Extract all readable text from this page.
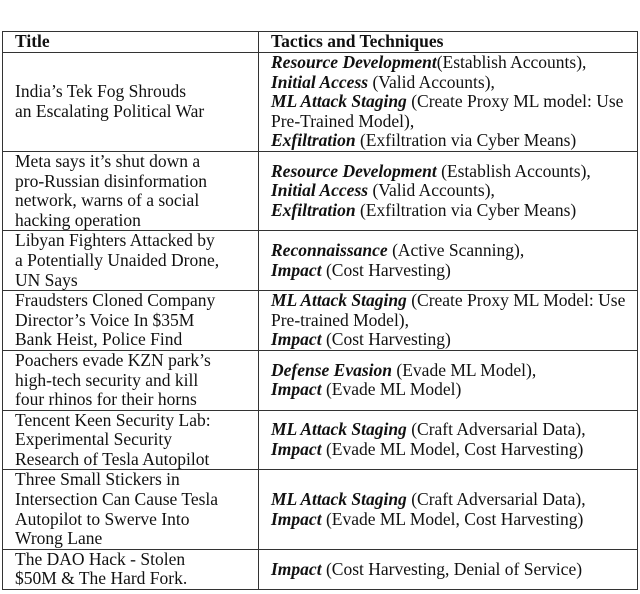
Title	Tactics and Techniques

India’s Tek Fog Shrouds
an Escalating Political War	Resource Development(Establish Accounts),
Initial Access (Valid Accounts),
ML Attack Staging (Create Proxy ML model: Use Pre-Trained Model),
Exfiltration (Exfiltration via Cyber Means)

Meta says it’s shut down a
pro-Russian disinformation
network, warns of a social
hacking operation	Resource Development (Establish Accounts),
Initial Access (Valid Accounts),
Exfiltration (Exfiltration via Cyber Means)

Libyan Fighters Attacked by
a Potentially Unaided Drone,
UN Says	Reconnaissance (Active Scanning),
Impact (Cost Harvesting)

Fraudsters Cloned Company
Director’s Voice In $35M
Bank Heist, Police Find	ML Attack Staging (Create Proxy ML Model: Use Pre-trained Model),
Impact (Cost Harvesting)

Poachers evade KZN park’s
high-tech security and kill
four rhinos for their horns	Defense Evasion (Evade ML Model),
Impact (Evade ML Model)

Tencent Keen Security Lab:
Experimental Security
Research of Tesla Autopilot	ML Attack Staging (Craft Adversarial Data),
Impact (Evade ML Model, Cost Harvesting)

Three Small Stickers in
Intersection Can Cause Tesla
Autopilot to Swerve Into
Wrong Lane	ML Attack Staging (Craft Adversarial Data),
Impact (Evade ML Model, Cost Harvesting)

The DAO Hack - Stolen
$50M & The Hard Fork.	Impact (Cost Harvesting, Denial of Service)
